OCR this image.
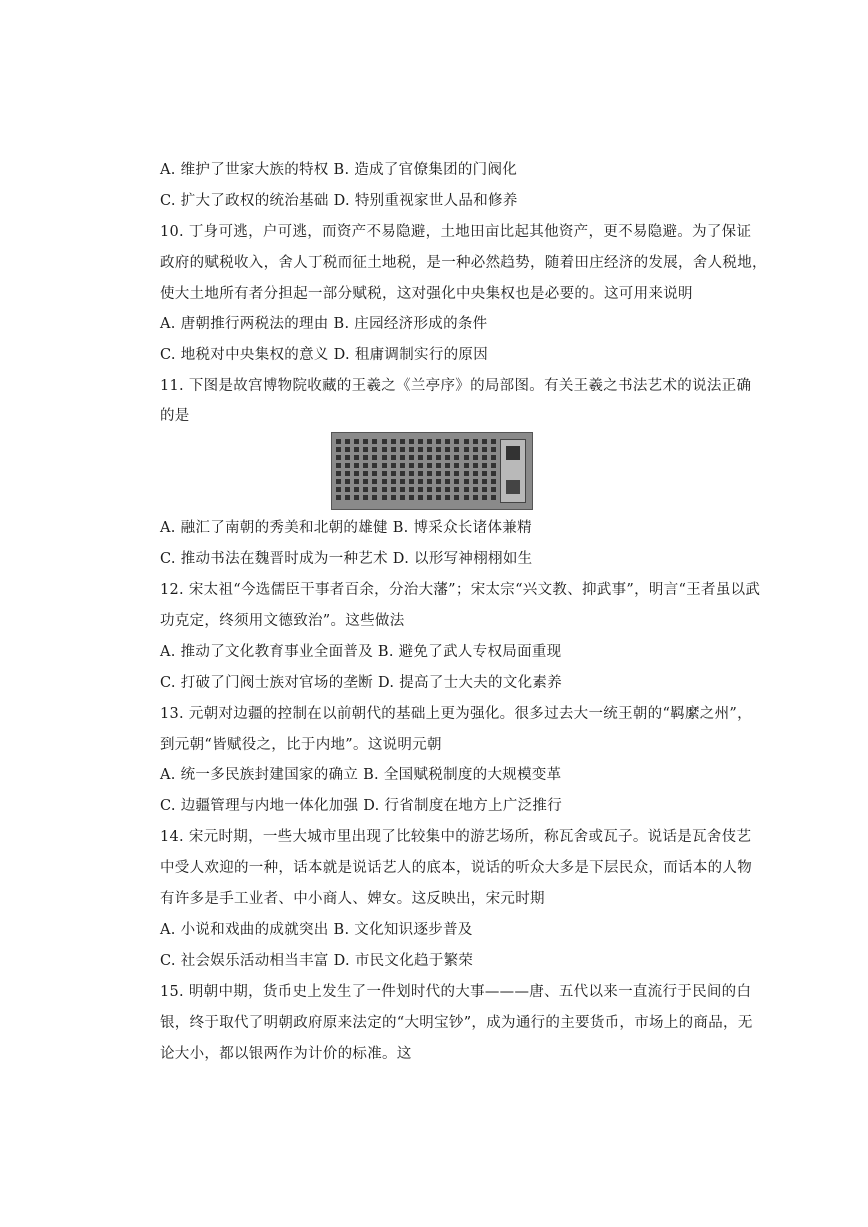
A. 维护了世家大族的特权 B. 造成了官僚集团的门阀化
C. 扩大了政权的统治基础 D. 特别重视家世人品和修养
10. 丁身可逃，户可逃，而资产不易隐避，土地田亩比起其他资产，更不易隐避。为了保证
政府的赋税收入，舍人丁税而征土地税，是一种必然趋势，随着田庄经济的发展，舍人税地，
使大土地所有者分担起一部分赋税，这对强化中央集权也是必要的。这可用来说明
A. 唐朝推行两税法的理由 B. 庄园经济形成的条件
C. 地税对中央集权的意义 D. 租庸调制实行的原因
11. 下图是故宫博物院收藏的王羲之《兰亭序》的局部图。有关王羲之书法艺术的说法正确
的是
A. 融汇了南朝的秀美和北朝的雄健 B. 博采众长诸体兼精
C. 推动书法在魏晋时成为一种艺术 D. 以形写神栩栩如生
12. 宋太祖“今选儒臣干事者百余，分治大藩”；宋太宗“兴文教、抑武事”，明言“王者虽以武
功克定，终须用文德致治”。这些做法
A. 推动了文化教育事业全面普及 B. 避免了武人专权局面重现
C. 打破了门阀士族对官场的垄断 D. 提高了士大夫的文化素养
13. 元朝对边疆的控制在以前朝代的基础上更为强化。很多过去大一统王朝的“羁縻之州”，
到元朝“皆赋役之，比于内地”。这说明元朝
A. 统一多民族封建国家的确立 B. 全国赋税制度的大规模变革
C. 边疆管理与内地一体化加强 D. 行省制度在地方上广泛推行
14. 宋元时期，一些大城市里出现了比较集中的游艺场所，称瓦舍或瓦子。说话是瓦舍伎艺
中受人欢迎的一种，话本就是说话艺人的底本，说话的听众大多是下层民众，而话本的人物
有许多是手工业者、中小商人、婢女。这反映出，宋元时期
A. 小说和戏曲的成就突出 B. 文化知识逐步普及
C. 社会娱乐活动相当丰富 D. 市民文化趋于繁荣
15. 明朝中期，货币史上发生了一件划时代的大事———唐、五代以来一直流行于民间的白
银，终于取代了明朝政府原来法定的“大明宝钞”，成为通行的主要货币，市场上的商品，无
论大小，都以银两作为计价的标准。这
